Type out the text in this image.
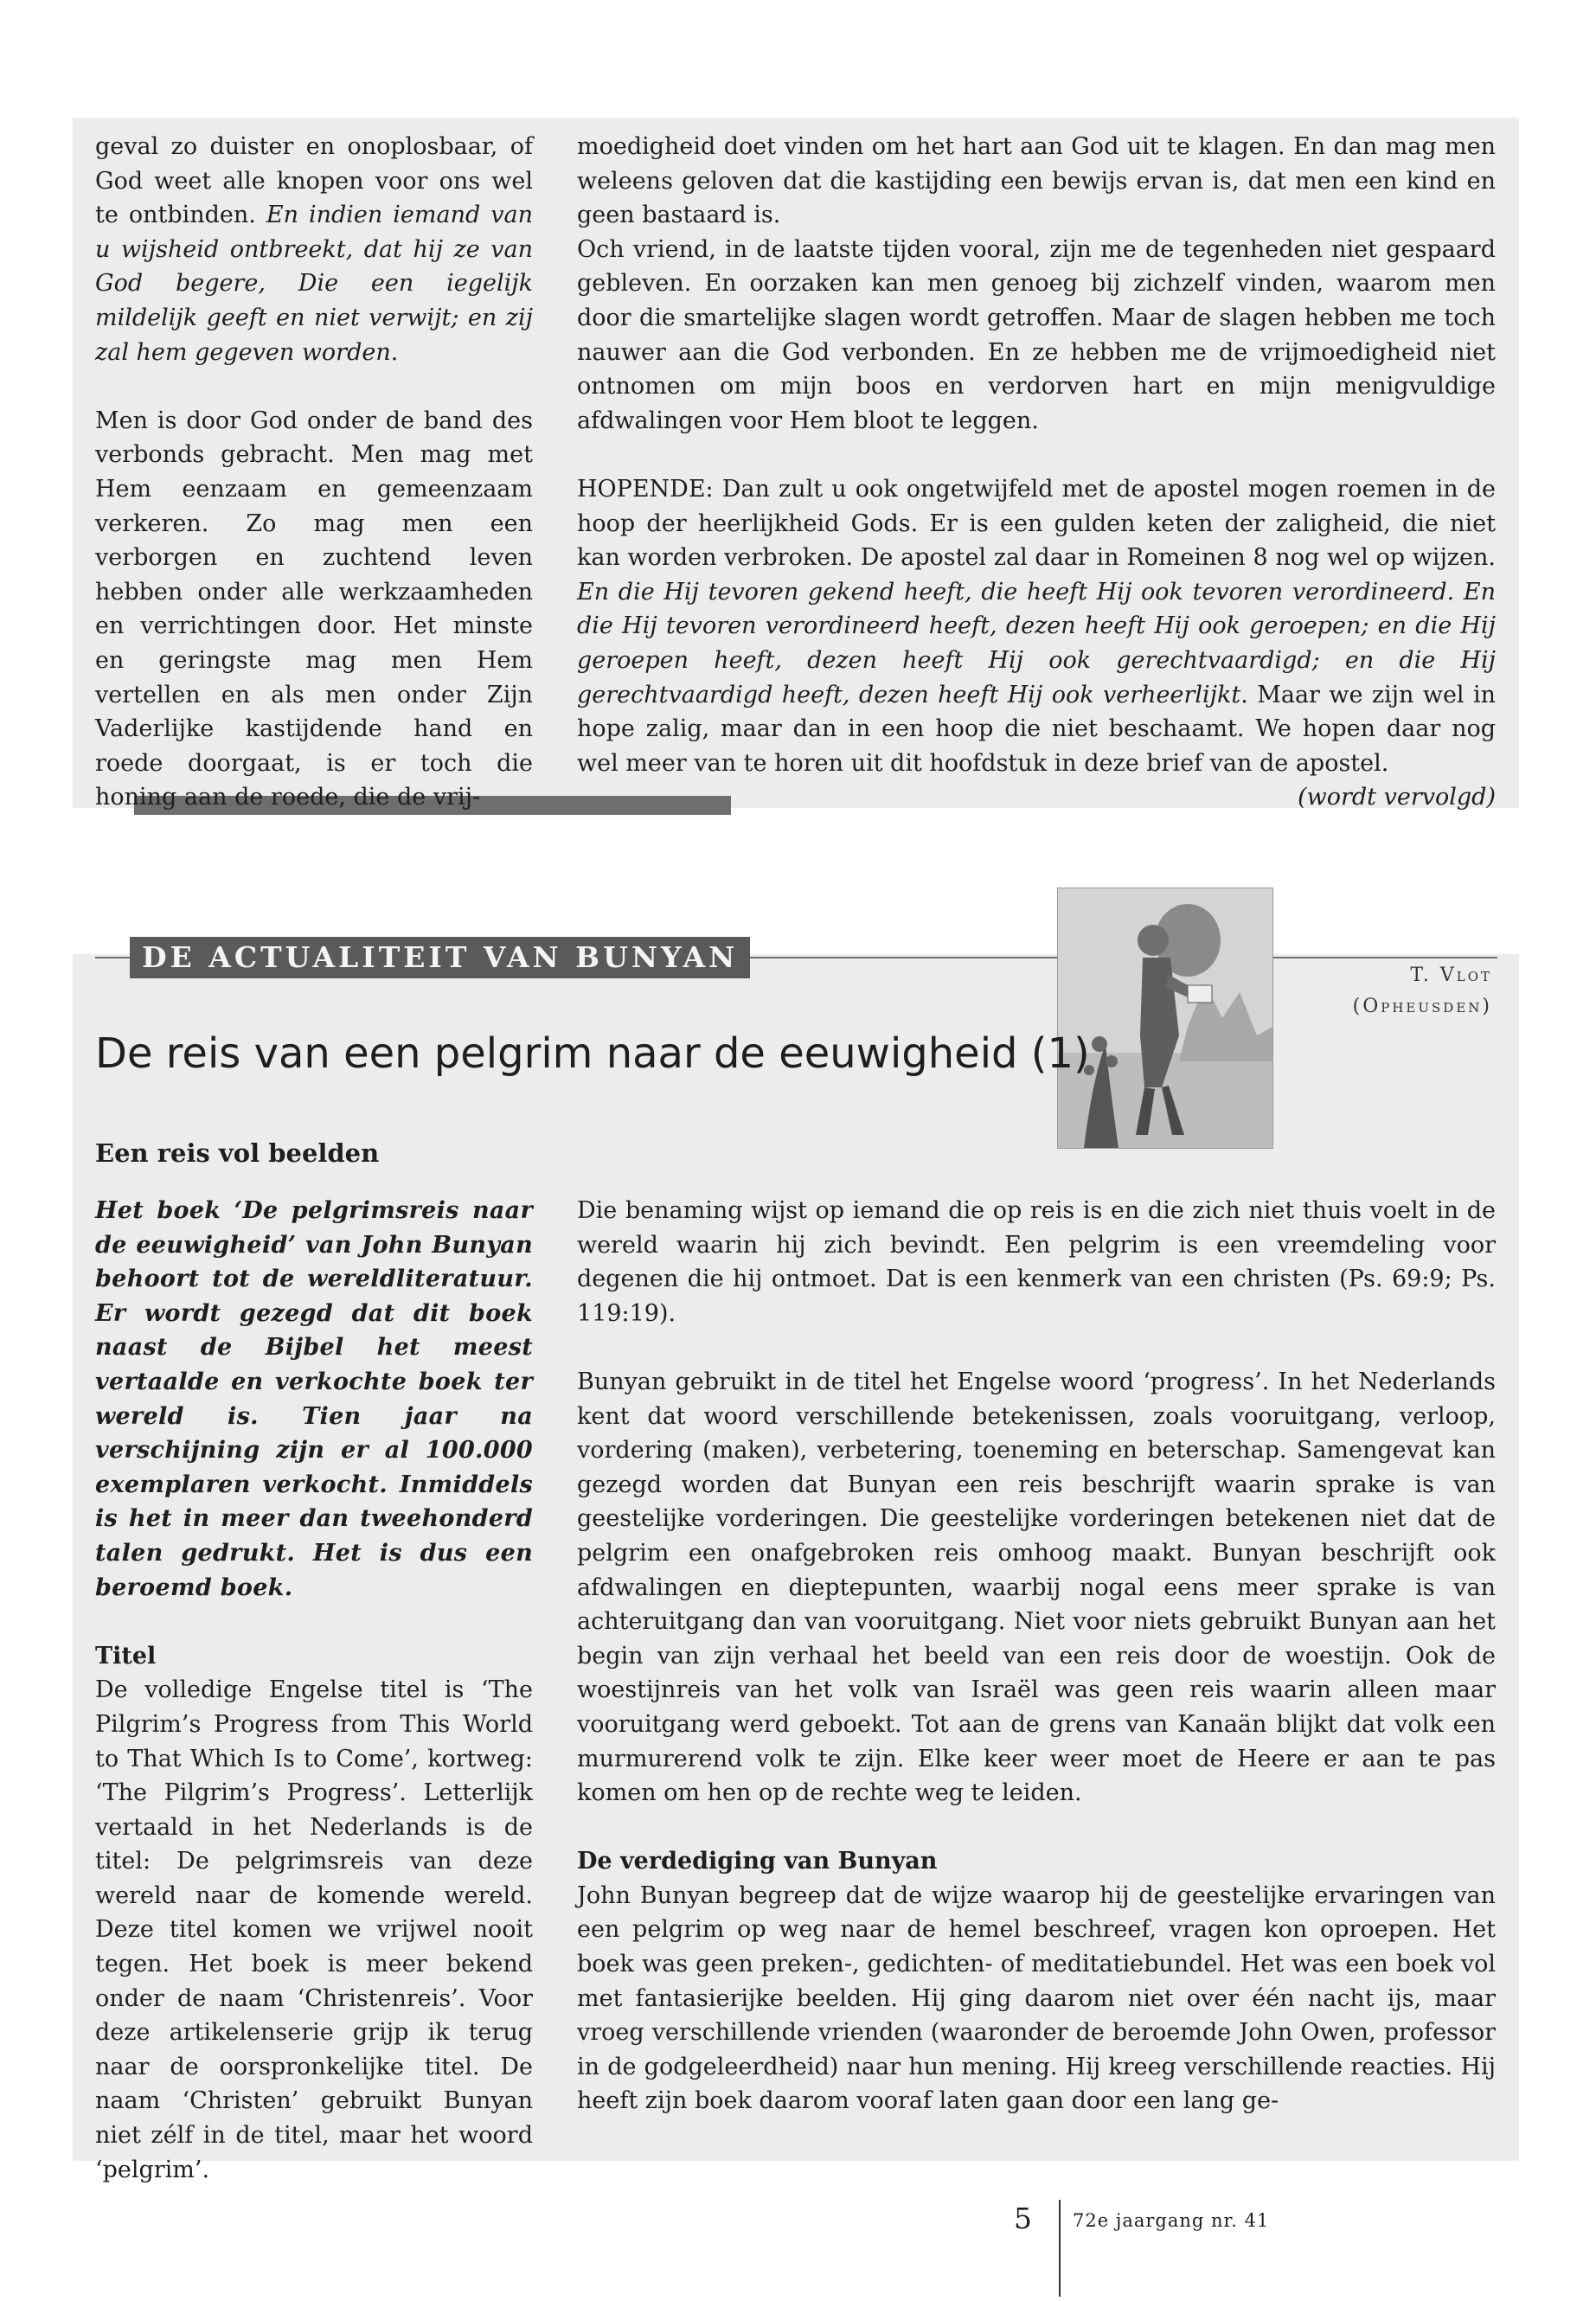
geval zo duister en onoplosbaar, of God weet alle knopen voor ons wel te ontbinden. En indien iemand van u wijsheid ontbreekt, dat hij ze van God begere, Die een iegelijk mildelijk geeft en niet verwijt; en zij zal hem gegeven worden.

Men is door God onder de band des verbonds gebracht. Men mag met Hem eenzaam en gemeenzaam verkeren. Zo mag men een verborgen en zuchtend leven hebben onder alle werkzaamheden en verrichtingen door. Het minste en geringste mag men Hem vertellen en als men onder Zijn Vaderlijke kastijdende hand en roede doorgaat, is er toch die honing aan de roede, die de vrij-

moedigheid doet vinden om het hart aan God uit te klagen. En dan mag men weleens geloven dat die kastijding een bewijs ervan is, dat men een kind en geen bastaard is.

Och vriend, in de laatste tijden vooral, zijn me de tegenheden niet gespaard gebleven. En oorzaken kan men genoeg bij zichzelf vinden, waarom men door die smartelijke slagen wordt getroffen. Maar de slagen hebben me toch nauwer aan die God verbonden. En ze hebben me de vrijmoedigheid niet ontnomen om mijn boos en verdorven hart en mijn menigvuldige afdwalingen voor Hem bloot te leggen.

HOPENDE: Dan zult u ook ongetwijfeld met de apostel mogen roemen in de hoop der heerlijkheid Gods. Er is een gulden keten der zaligheid, die niet kan worden verbroken. De apostel zal daar in Romeinen 8 nog wel op wijzen. En die Hij tevoren gekend heeft, die heeft Hij ook tevoren verordineerd. En die Hij tevoren verordineerd heeft, dezen heeft Hij ook geroepen; en die Hij geroepen heeft, dezen heeft Hij ook gerechtvaardigd; en die Hij gerechtvaardigd heeft, dezen heeft Hij ook verheerlijkt. Maar we zijn wel in hope zalig, maar dan in een hoop die niet beschaamt. We hopen daar nog wel meer van te horen uit dit hoofdstuk in deze brief van de apostel.
(wordt vervolgd)

DE ACTUALITEIT VAN BUNYAN
T. Vlot
(Opheusden)
De reis van een pelgrim naar de eeuwigheid (1)
Een reis vol beelden

Het boek ‘De pelgrimsreis naar de eeuwigheid’ van John Bunyan behoort tot de wereldliteratuur. Er wordt gezegd dat dit boek naast de Bijbel het meest vertaalde en verkochte boek ter wereld is. Tien jaar na verschijning zijn er al 100.000 exemplaren verkocht. Inmiddels is het in meer dan tweehonderd talen gedrukt. Het is dus een beroemd boek.

Titel

De volledige Engelse titel is ‘The Pilgrim’s Progress from This World to That Which Is to Come’, kortweg: ‘The Pilgrim’s Progress’. Letterlijk vertaald in het Nederlands is de titel: De pelgrimsreis van deze wereld naar de komende wereld. Deze titel komen we vrijwel nooit tegen. Het boek is meer bekend onder de naam ‘Christenreis’. Voor deze artikelenserie grijp ik terug naar de oorspronkelijke titel. De naam ‘Christen’ gebruikt Bunyan niet zélf in de titel, maar het woord ‘pelgrim’.

Die benaming wijst op iemand die op reis is en die zich niet thuis voelt in de wereld waarin hij zich bevindt. Een pelgrim is een vreemdeling voor degenen die hij ontmoet. Dat is een kenmerk van een christen (Ps. 69:9; Ps. 119:19).

Bunyan gebruikt in de titel het Engelse woord ‘progress’. In het Nederlands kent dat woord verschillende betekenissen, zoals vooruitgang, verloop, vordering (maken), verbetering, toeneming en beterschap. Samengevat kan gezegd worden dat Bunyan een reis beschrijft waarin sprake is van geestelijke vorderingen. Die geestelijke vorderingen betekenen niet dat de pelgrim een onafgebroken reis omhoog maakt. Bunyan beschrijft ook afdwalingen en dieptepunten, waarbij nogal eens meer sprake is van achteruitgang dan van vooruitgang. Niet voor niets gebruikt Bunyan aan het begin van zijn verhaal het beeld van een reis door de woestijn. Ook de woestijnreis van het volk van Israël was geen reis waarin alleen maar vooruitgang werd geboekt. Tot aan de grens van Kanaän blijkt dat volk een murmurerend volk te zijn. Elke keer weer moet de Heere er aan te pas komen om hen op de rechte weg te leiden.

De verdediging van Bunyan

John Bunyan begreep dat de wijze waarop hij de geestelijke ervaringen van een pelgrim op weg naar de hemel beschreef, vragen kon oproepen. Het boek was geen preken-, gedichten- of meditatiebundel. Het was een boek vol met fantasierijke beelden. Hij ging daarom niet over één nacht ijs, maar vroeg verschillende vrienden (waaronder de beroemde John Owen, professor in de godgeleerdheid) naar hun mening. Hij kreeg verschillende reacties. Hij heeft zijn boek daarom vooraf laten gaan door een lang ge-

5 72e jaargang nr. 41
